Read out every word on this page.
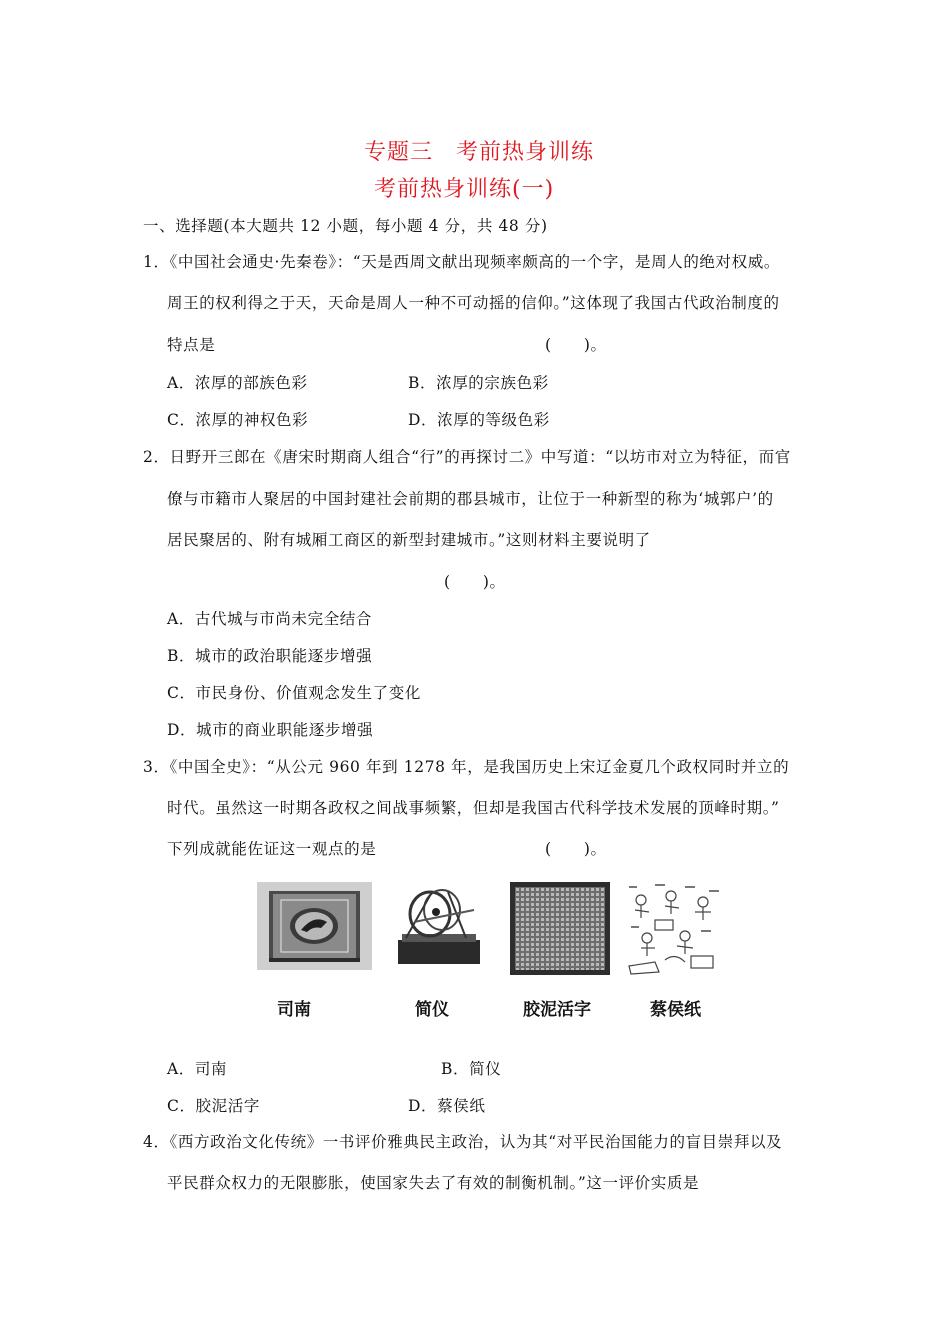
专题三　考前热身训练
考前热身训练(一)
一、选择题(本大题共 12 小题，每小题 4 分，共 48 分)
1．《中国社会通史·先秦卷》：“天是西周文献出现频率颇高的一个字，是周人的绝对权威。
周王的权利得之于天，天命是周人一种不可动摇的信仰。”这体现了我国古代政治制度的
特点是	(　　)。
A．浓厚的部族色彩	B．浓厚的宗族色彩
C．浓厚的神权色彩	D．浓厚的等级色彩
2．日野开三郎在《唐宋时期商人组合“行”的再探讨二》中写道：“以坊市对立为特征，而官
僚与市籍市人聚居的中国封建社会前期的郡县城市，让位于一种新型的称为‘城郭户’的
居民聚居的、附有城厢工商区的新型封建城市。”这则材料主要说明了
(　　)。
A．古代城与市尚未完全结合
B．城市的政治职能逐步增强
C．市民身份、价值观念发生了变化
D．城市的商业职能逐步增强
3．《中国全史》：“从公元 960 年到 1278 年，是我国历史上宋辽金夏几个政权同时并立的
时代。虽然这一时期各政权之间战事频繁，但却是我国古代科学技术发展的顶峰时期。”
下列成就能佐证这一观点的是	(　　)。
司南	简仪	胶泥活字	蔡侯纸
A．司南	B．简仪
C．胶泥活字	D．蔡侯纸
4．《西方政治文化传统》一书评价雅典民主政治，认为其“对平民治国能力的盲目崇拜以及
平民群众权力的无限膨胀，使国家失去了有效的制衡机制。”这一评价实质是
